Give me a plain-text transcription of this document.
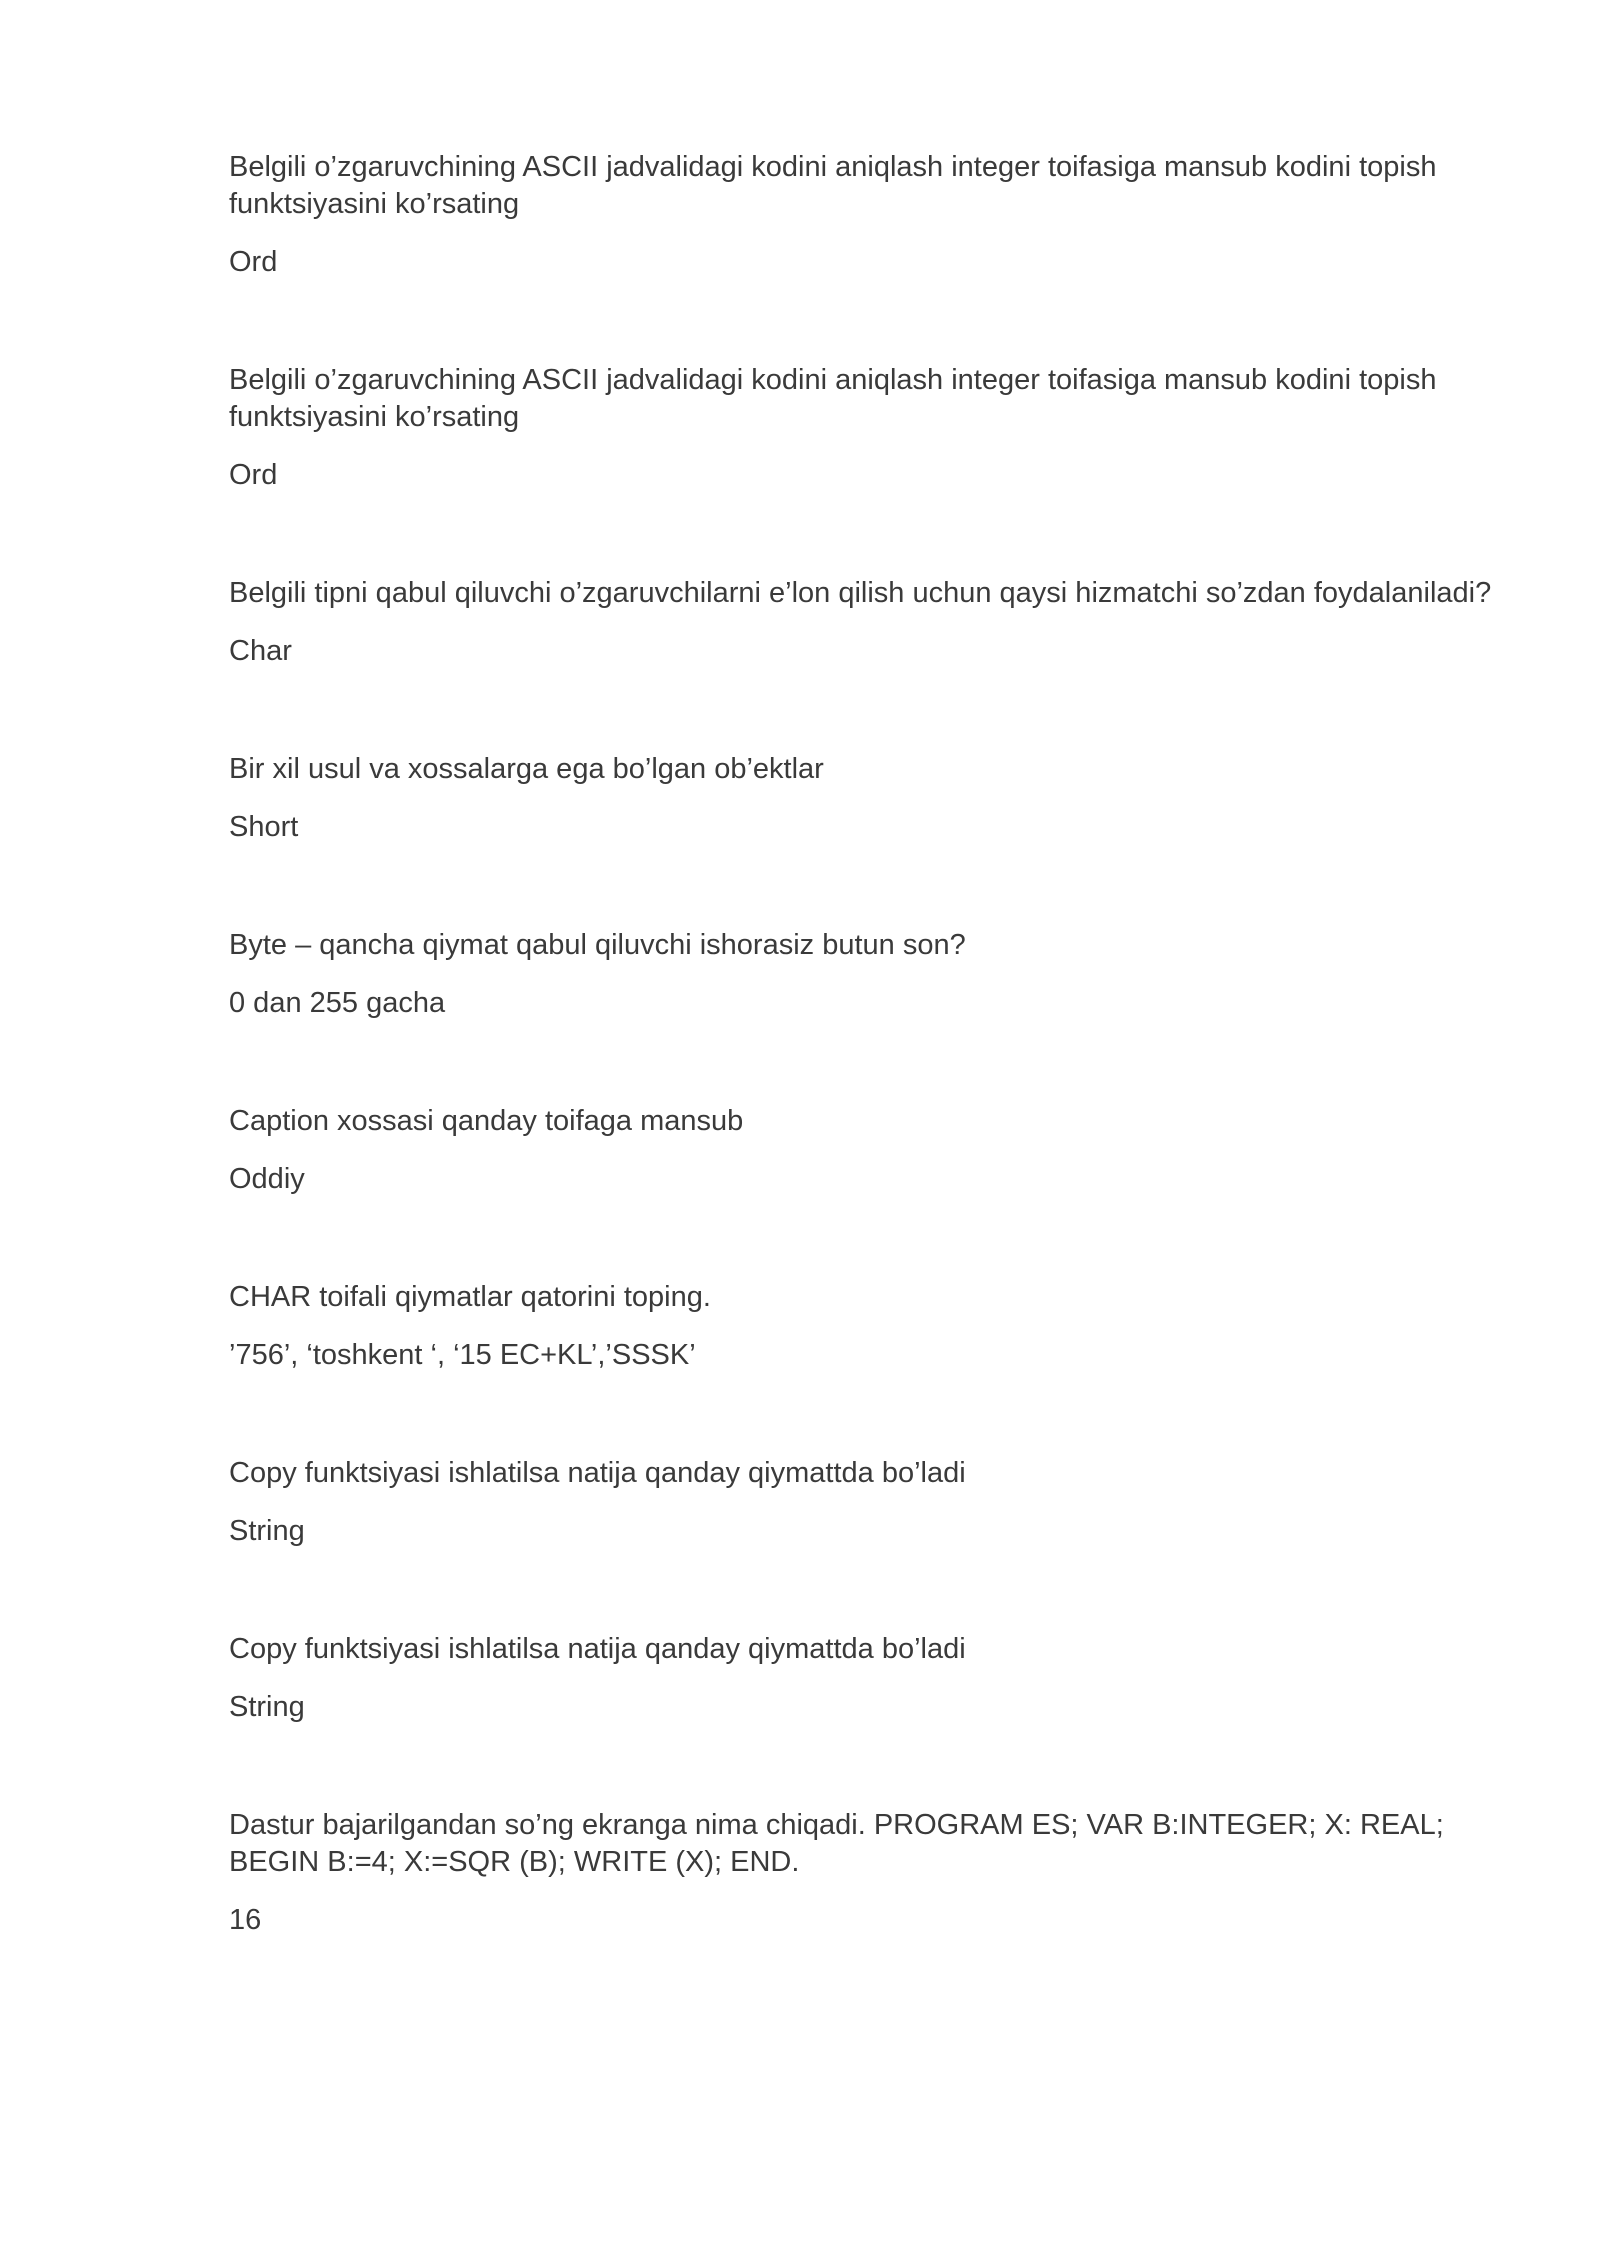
Belgili o’zgaruvchining ASCII jadvalidagi kodini aniqlash integer toifasiga mansub kodini topish funktsiyasini ko’rsating

Ord

Belgili o’zgaruvchining ASCII jadvalidagi kodini aniqlash integer toifasiga mansub kodini topish funktsiyasini ko’rsating

Ord

Belgili tipni qabul qiluvchi o’zgaruvchilarni e’lon qilish uchun qaysi hizmatchi so’zdan foydalaniladi?

Char

Bir xil usul va xossalarga ega bo’lgan ob’ektlar

Short

Byte – qancha qiymat qabul qiluvchi ishorasiz butun son?

0 dan 255 gacha

Caption xossasi qanday toifaga mansub

Oddiy

CHAR toifali qiymatlar qatorini toping.

’756’, ‘toshkent ‘, ‘15 EC+KL’,’SSSK’

Copy funktsiyasi ishlatilsa natija qanday qiymattda bo’ladi

String

Copy funktsiyasi ishlatilsa natija qanday qiymattda bo’ladi

String

Dastur bajarilgandan so’ng ekranga nima chiqadi. PROGRAM ES; VAR B:INTEGER; X: REAL; BEGIN B:=4; X:=SQR (B); WRITE (X); END.

16
